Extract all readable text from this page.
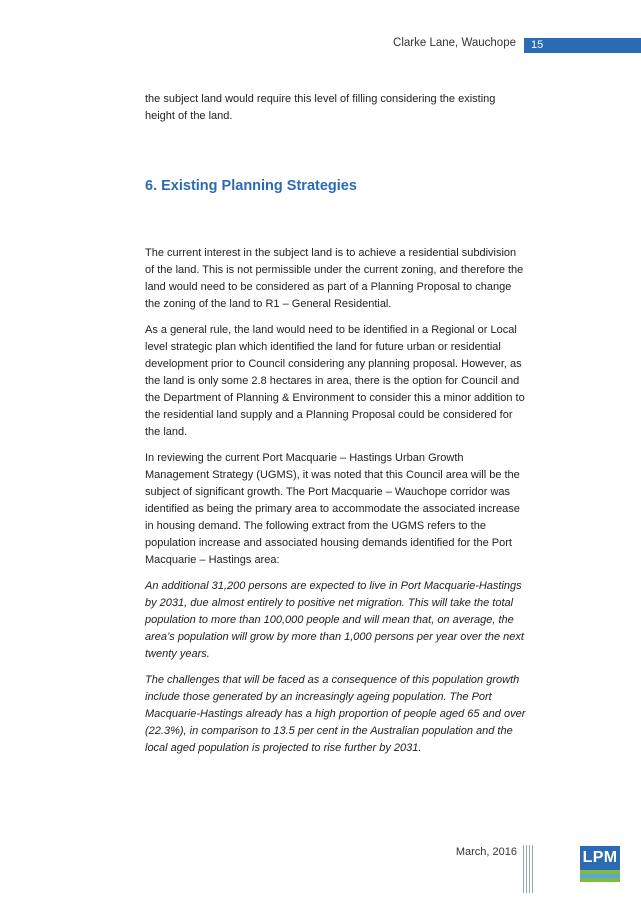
Clarke Lane, Wauchope 15

the subject land would require this level of filling considering the existing height of the land.

6. Existing Planning Strategies

The current interest in the subject land is to achieve a residential subdivision of the land. This is not permissible under the current zoning, and therefore the land would need to be considered as part of a Planning Proposal to change the zoning of the land to R1 – General Residential.

As a general rule, the land would need to be identified in a Regional or Local level strategic plan which identified the land for future urban or residential development prior to Council considering any planning proposal. However, as the land is only some 2.8 hectares in area, there is the option for Council and the Department of Planning & Environment to consider this a minor addition to the residential land supply and a Planning Proposal could be considered for the land.

In reviewing the current Port Macquarie – Hastings Urban Growth Management Strategy (UGMS), it was noted that this Council area will be the subject of significant growth. The Port Macquarie – Wauchope corridor was identified as being the primary area to accommodate the associated increase in housing demand. The following extract from the UGMS refers to the population increase and associated housing demands identified for the Port Macquarie – Hastings area:

An additional 31,200 persons are expected to live in Port Macquarie-Hastings by 2031, due almost entirely to positive net migration. This will take the total population to more than 100,000 people and will mean that, on average, the area’s population will grow by more than 1,000 persons per year over the next twenty years.

The challenges that will be faced as a consequence of this population growth include those generated by an increasingly ageing population. The Port Macquarie-Hastings already has a high proportion of people aged 65 and over (22.3%), in comparison to 13.5 per cent in the Australian population and the local aged population is projected to rise further by 2031.

March, 2016	LPM
